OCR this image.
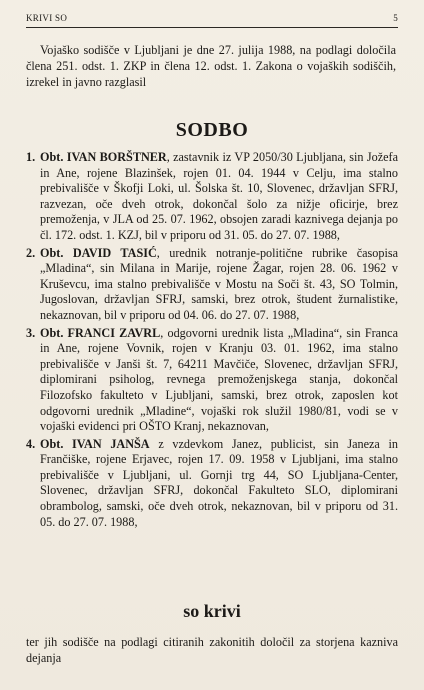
KRIVI SO	5
Vojaško sodišče v Ljubljani je dne 27. julija 1988, na podlagi določila člena 251. odst. 1. ZKP in člena 12. odst. 1. Zakona o vojaških sodiščih, izrekel in javno razglasil
SODBO
1. Obt. IVAN BORŠTNER, zastavnik iz VP 2050/30 Ljubljana, sin Jožefa in Ane, rojene Blazinšek, rojen 01. 04. 1944 v Celju, ima stalno prebivališče v Škofji Loki, ul. Šolska št. 10, Slovenec, državljan SFRJ, razvezan, oče dveh otrok, dokončal šolo za nižje oficirje, brez premoženja, v JLA od 25. 07. 1962, obsojen zaradi kaznivega dejanja po čl. 172. odst. 1. KZJ, bil v priporu od 31. 05. do 27. 07. 1988,
2. Obt. DAVID TASIĆ, urednik notranje-politične rubrike časopisa „Mladina“, sin Milana in Marije, rojene Žagar, rojen 28. 06. 1962 v Kruševcu, ima stalno prebivališče v Mostu na Soči št. 43, SO Tolmin, Jugoslovan, državljan SFRJ, samski, brez otrok, študent žurnalistike, nekaznovan, bil v priporu od 04. 06. do 27. 07. 1988,
3. Obt. FRANCI ZAVRL, odgovorni urednik lista „Mladina“, sin Franca in Ane, rojene Vovnik, rojen v Kranju 03. 01. 1962, ima stalno prebivališče v Janši št. 7, 64211 Mavčiče, Slovenec, državljan SFRJ, diplomirani psiholog, revnega premoženjskega stanja, dokončal Filozofsko fakulteto v Ljubljani, samski, brez otrok, zaposlen kot odgovorni urednik „Mladine“, vojaški rok služil 1980/81, vodi se v vojaški evidenci pri OŠTO Kranj, nekaznovan,
4. Obt. IVAN JANŠA z vzdevkom Janez, publicist, sin Janeza in Frančiške, rojene Erjavec, rojen 17. 09. 1958 v Ljubljani, ima stalno prebivališče v Ljubljani, ul. Gornji trg 44, SO Ljubljana-Center, Slovenec, državljan SFRJ, dokončal Fakulteto SLO, diplomirani obrambolog, samski, oče dveh otrok, nekaznovan, bil v priporu od 31. 05. do 27. 07. 1988,
so krivi
ter jih sodišče na podlagi citiranih zakonitih določil za storjena kazniva dejanja
